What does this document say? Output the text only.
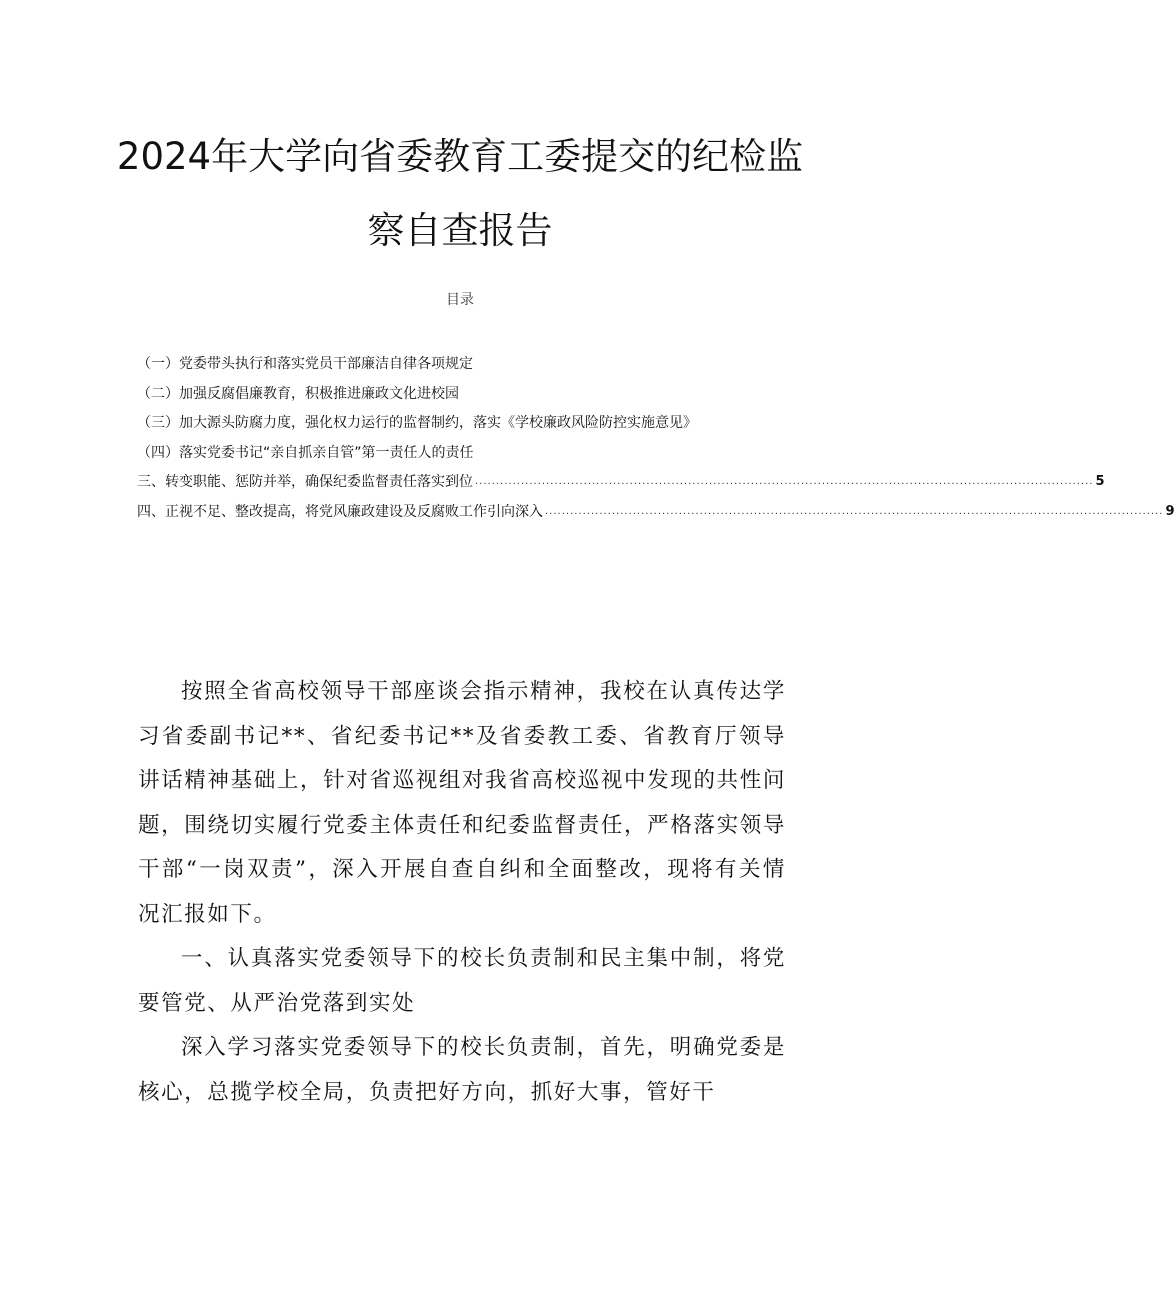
2024年大学向省委教育工委提交的纪检监
察自查报告
目录
（一）党委带头执行和落实党员干部廉洁自律各项规定
（二）加强反腐倡廉教育，积极推进廉政文化进校园
（三）加大源头防腐力度，强化权力运行的监督制约，落实《学校廉政风险防控实施意见》
（四）落实党委书记“亲自抓亲自管”第一责任人的责任
三、转变职能、惩防并举，确保纪委监督责任落实到位 .................................................................................................................................................... 5
四、正视不足、整改提高，将党风廉政建设及反腐败工作引向深入 .................................................................................................................................................... 9

按照全省高校领导干部座谈会指示精神，我校在认真传达学习省委副书记**、省纪委书记**及省委教工委、省教育厅领导讲话精神基础上，针对省巡视组对我省高校巡视中发现的共性问题，围绕切实履行党委主体责任和纪委监督责任，严格落实领导干部“一岗双责”，深入开展自查自纠和全面整改，现将有关情况汇报如下。

一、认真落实党委领导下的校长负责制和民主集中制，将党要管党、从严治党落到实处

深入学习落实党委领导下的校长负责制，首先，明确党委是核心，总揽学校全局，负责把好方向，抓好大事，管好干
